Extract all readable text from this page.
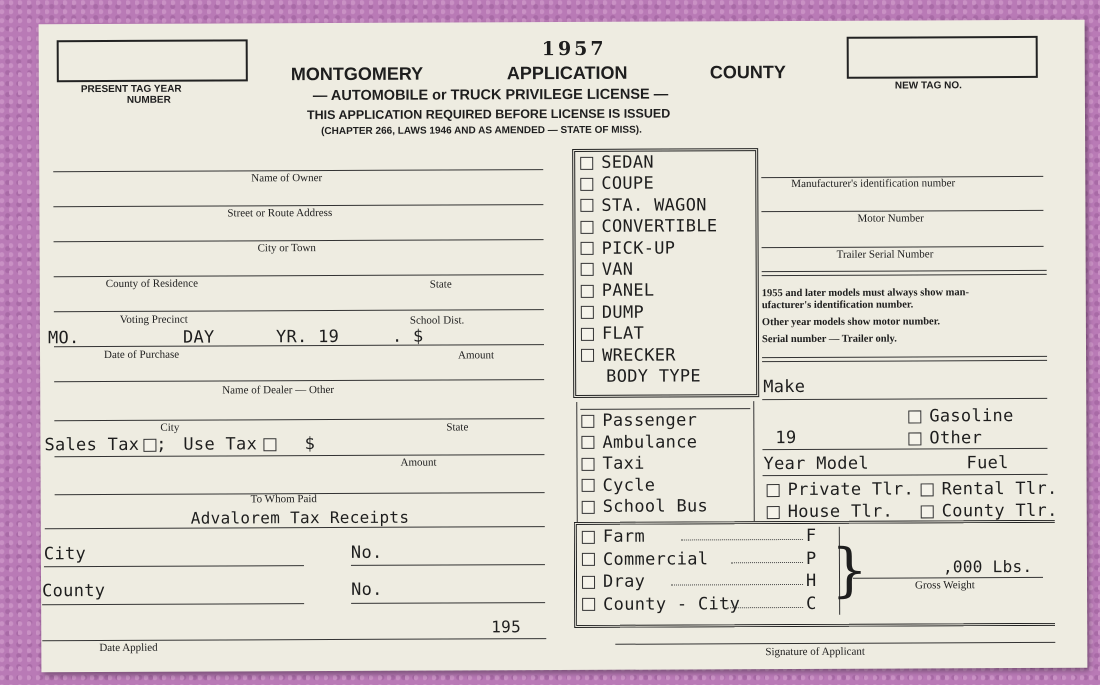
PRESENT TAG YEAR
NUMBER
NEW TAG NO.
1957
MONTGOMERY	APPLICATION	COUNTY
— AUTOMOBILE or TRUCK PRIVILEGE LICENSE —
THIS APPLICATION REQUIRED BEFORE LICENSE IS ISSUED
(CHAPTER 266, LAWS 1946 AND AS AMENDED — STATE OF MISS).
Name of Owner
Street or Route Address
City or Town
County of Residence	State
Voting Precinct	School Dist.
MO.	DAY	YR. 19	. $
Date of Purchase	Amount
Name of Dealer — Other
City	State
Sales Tax ; Use Tax	$
Amount
To Whom Paid
Advalorem Tax Receipts
City	No.
County	No.
195
Date Applied
SEDAN
COUPE
STA. WAGON
CONVERTIBLE
PICK-UP
VAN
PANEL
DUMP
FLAT
WRECKER
BODY TYPE
Passenger
Ambulance
Taxi
Cycle
School Bus
Farm	F
Commercial	P
Dray	H
County - City	C }
Manufacturer's identification number
Motor Number
Trailer Serial Number
1955 and later models must always show man-
ufacturer's identification number.
Other year models show motor number.
Serial number — Trailer only.
Make
Gasoline
19	Other
Year Model	Fuel
Private Tlr.	Rental Tlr.
House Tlr.	County Tlr.
,000 Lbs.
Gross Weight
Signature of Applicant
